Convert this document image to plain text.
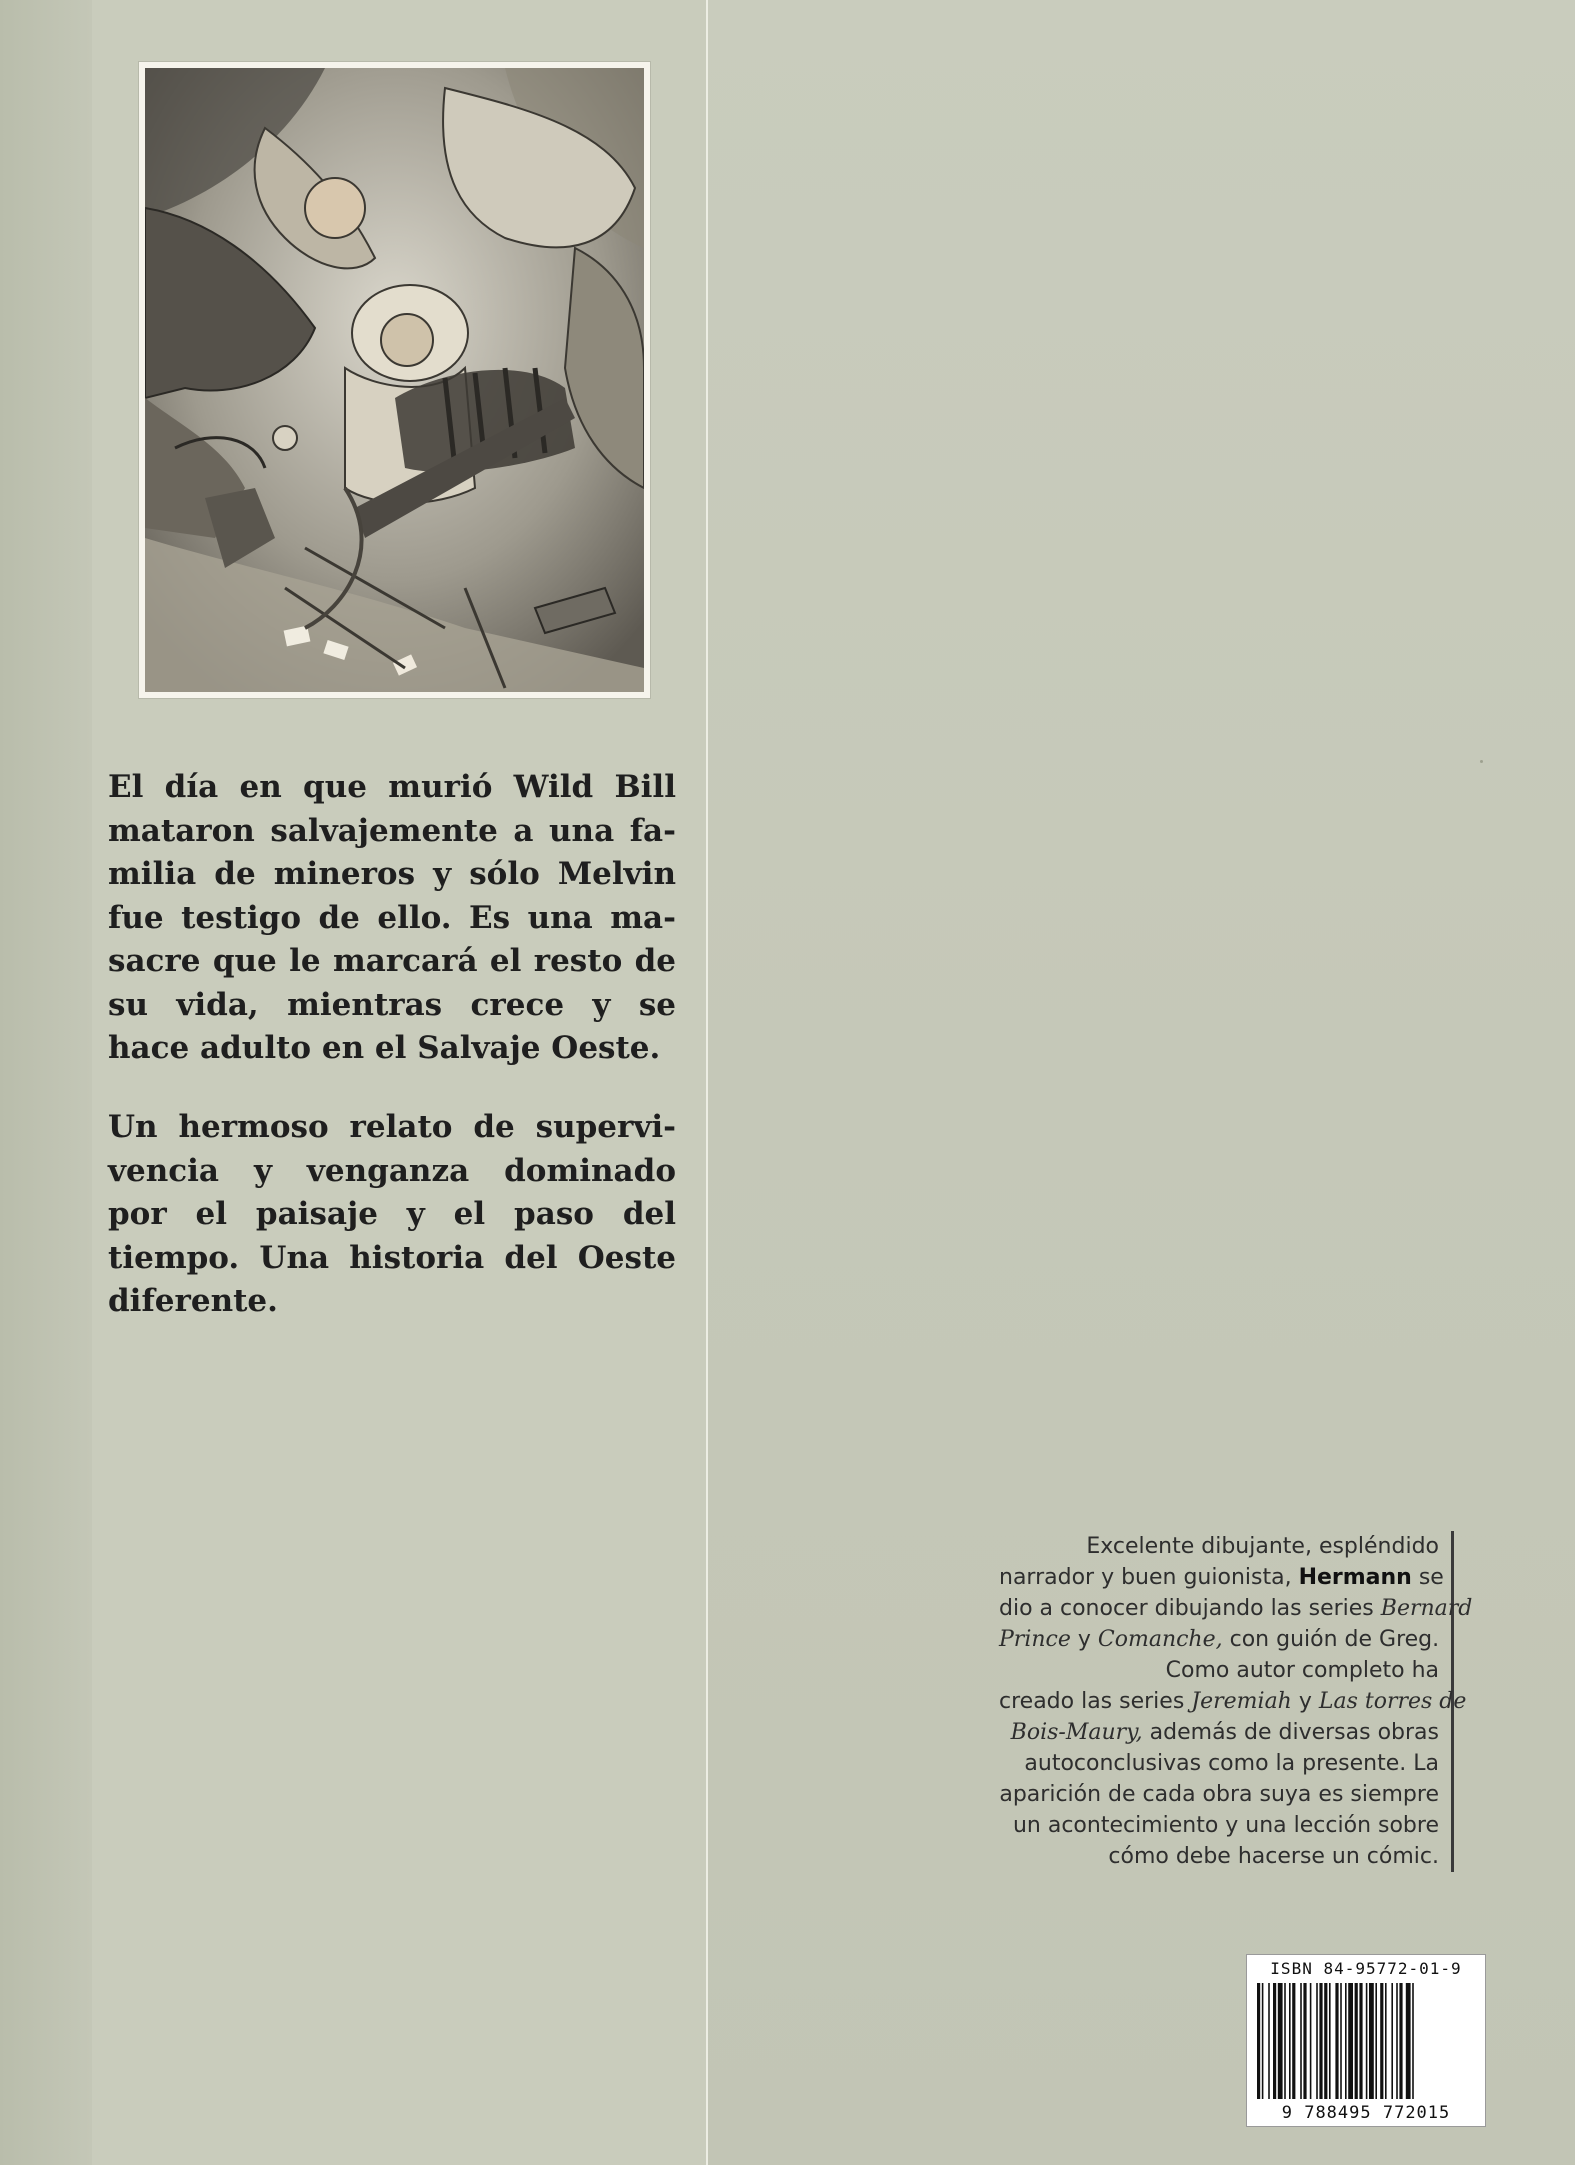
El día en que murió Wild Bill
mataron salvajemente a una fa-
milia de mineros y sólo Melvin
fue testigo de ello. Es una ma-
sacre que le marcará el resto de
su vida, mientras crece y se
hace adulto en el Salvaje Oeste.
Un hermoso relato de supervi-
vencia y venganza dominado
por el paisaje y el paso del
tiempo. Una historia del Oeste
diferente.
Excelente dibujante, espléndido
narrador y buen guionista, Hermann se
dio a conocer dibujando las series Bernard
Prince y Comanche, con guión de Greg.
Como autor completo ha
creado las series Jeremiah y Las torres de
Bois-Maury, además de diversas obras
autoconclusivas como la presente. La
aparición de cada obra suya es siempre
un acontecimiento y una lección sobre
cómo debe hacerse un cómic.
ISBN 84-95772-01-9
9 788495 772015
